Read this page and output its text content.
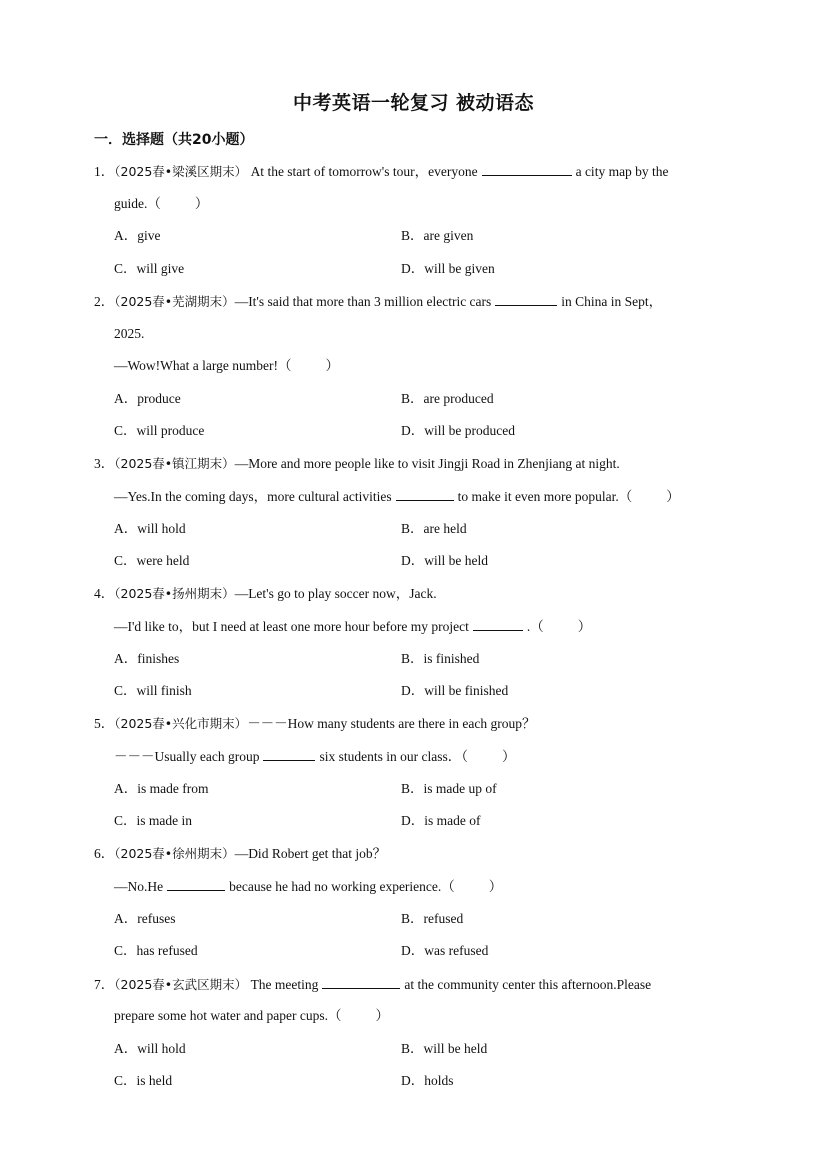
中考英语一轮复习 被动语态
一．选择题（共20小题）
1．（2025春•梁溪区期末） At the start of tomorrow's tour，everyone	a city map by the
guide.（	）
A．give	B．are given
C．will give	D．will be given
2．（2025春•芜湖期末）—It's said that more than 3 million electric cars	in China in Sept，
2025.
—Wow!What a large number!（	）
A．produce	B．are produced
C．will produce	D．will be produced
3．（2025春•镇江期末）—More and more people like to visit Jingji Road in Zhenjiang at night.
—Yes.In the coming days，more cultural activities	to make it even more popular.（	）
A．will hold	B．are held
C．were held	D．will be held
4．（2025春•扬州期末）—Let's go to play soccer now，Jack.
—I'd like to，but I need at least one more hour before my project	.（	）
A．finishes	B．is finished
C．will finish	D．will be finished
5．（2025春•兴化市期末）－－－How many students are there in each group？
－－－Usually each group	six students in our class．（	）
A．is made from	B．is made up of
C．is made in	D．is made of
6．（2025春•徐州期末）—Did Robert get that job？
—No.He	because he had no working experience.（	）
A．refuses	B．refused
C．has refused	D．was refused
7．（2025春•玄武区期末） The meeting	at the community center this afternoon.Please
prepare some hot water and paper cups.（	）
A．will hold	B．will be held
C．is held	D．holds
